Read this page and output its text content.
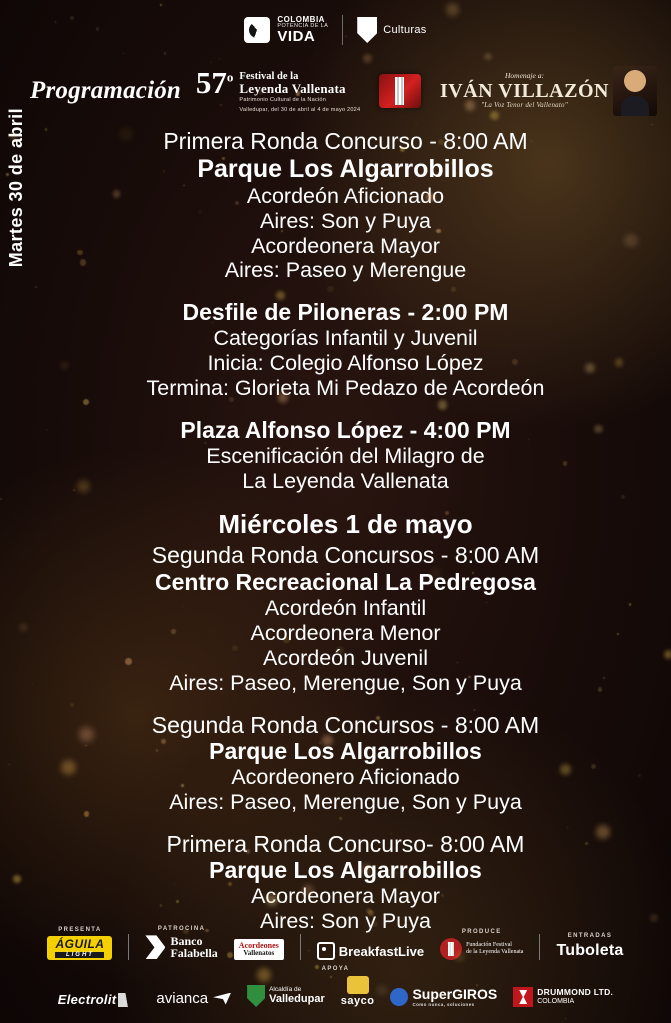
COLOMBIA
POTENCIA DE LA
VIDA	Culturas
Programación 57$^o$ Festival de la
Leyenda Vallenata
Patrimonio Cultural de la Nación
Valledupar, del 30 de abril al 4 de mayo 2024
Homenaje a:
IVÁN VILLAZÓN
"La Voz Tenor del Vallenato"
Martes 30 de abril	Primera Ronda Concurso - 8:00 AM
Parque Los Algarrobillos
Acordeón Aficionado
Aires: Son y Puya
Acordeonera Mayor
Aires: Paseo y Merengue
Desfile de Piloneras - 2:00 PM
Categorías Infantil y Juvenil
Inicia: Colegio Alfonso López
Termina: Glorieta Mi Pedazo de Acordeón
Plaza Alfonso López - 4:00 PM
Escenificación del Milagro de
La Leyenda Vallenata
Miércoles 1 de mayo
Segunda Ronda Concursos - 8:00 AM
Centro Recreacional La Pedregosa
Acordeón Infantil
Acordeonera Menor
Acordeón Juvenil
Aires: Paseo, Merengue, Son y Puya
Segunda Ronda Concursos - 8:00 AM
Parque Los Algarrobillos
Acordeonero Aficionado
Aires: Paseo, Merengue, Son y Puya
Primera Ronda Concurso- 8:00 AM
Parque Los Algarrobillos
Acordeonera Mayor
Aires: Son y Puya
PRESENTA
ÁGUILA
LIGHT
PATROCINA
Banco
Falabella
Acordeones
Vallenatos	BreakfastLive
PRODUCE
Fundación Festival
de la Leyenda Vallenata
ENTRADAS
Tuboleta
APOYA
Electrolit	avianca
Alcaldía de
Valledupar sayco	SuperGIROS
Como nunca, soluciones
DRUMMOND LTD.
COLOMBIA
